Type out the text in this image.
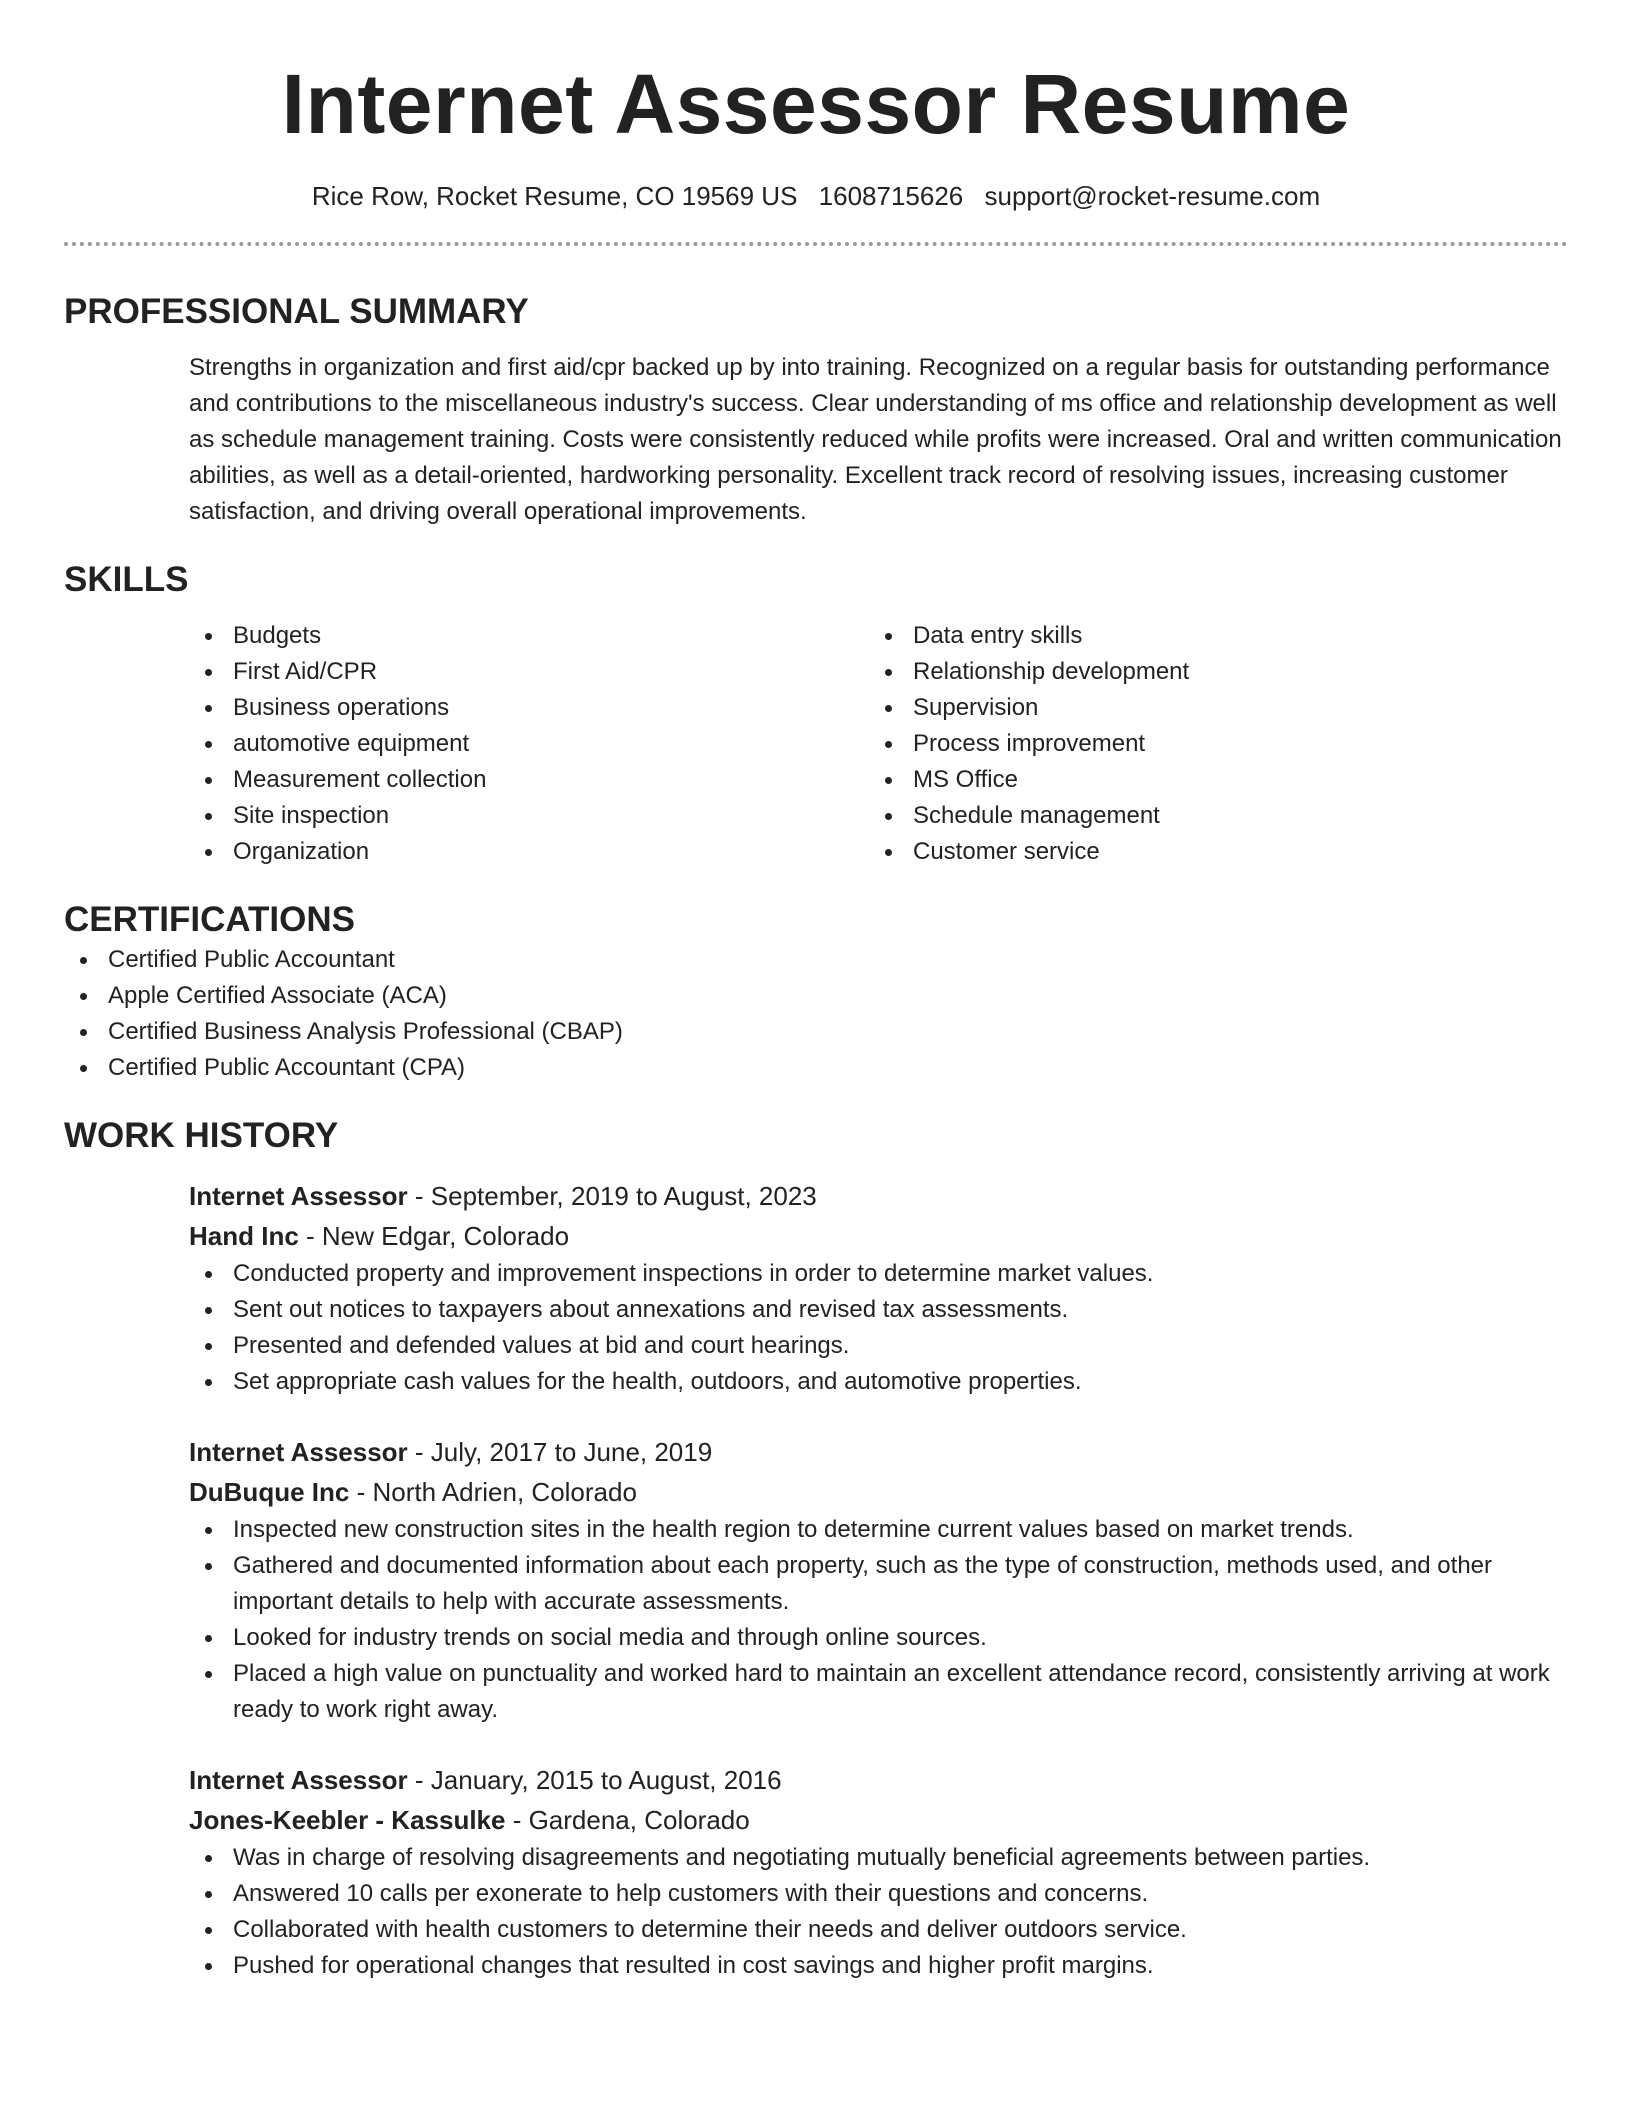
Internet Assessor Resume
Rice Row, Rocket Resume, CO 19569 US 1608715626 support@rocket-resume.com
PROFESSIONAL SUMMARY

Strengths in organization and first aid/cpr backed up by into training. Recognized on a regular basis for outstanding performance and contributions to the miscellaneous industry's success. Clear understanding of ms office and relationship development as well as schedule management training. Costs were consistently reduced while profits were increased. Oral and written communication abilities, as well as a detail-oriented, hardworking personality. Excellent track record of resolving issues, increasing customer satisfaction, and driving overall operational improvements.

SKILLS
Budgets
First Aid/CPR
Business operations
automotive equipment
Measurement collection
Site inspection
Organization
Data entry skills
Relationship development
Supervision
Process improvement
MS Office
Schedule management
Customer service
CERTIFICATIONS
Certified Public Accountant
Apple Certified Associate (ACA)
Certified Business Analysis Professional (CBAP)
Certified Public Accountant (CPA)
WORK HISTORY
Internet Assessor - September, 2019 to August, 2023
Hand Inc - New Edgar, Colorado
Conducted property and improvement inspections in order to determine market values.
Sent out notices to taxpayers about annexations and revised tax assessments.
Presented and defended values at bid and court hearings.
Set appropriate cash values for the health, outdoors, and automotive properties.
Internet Assessor - July, 2017 to June, 2019
DuBuque Inc - North Adrien, Colorado
Inspected new construction sites in the health region to determine current values based on market trends.
Gathered and documented information about each property, such as the type of construction, methods used, and other important details to help with accurate assessments.
Looked for industry trends on social media and through online sources.
Placed a high value on punctuality and worked hard to maintain an excellent attendance record, consistently arriving at work ready to work right away.
Internet Assessor - January, 2015 to August, 2016
Jones-Keebler - Kassulke - Gardena, Colorado
Was in charge of resolving disagreements and negotiating mutually beneficial agreements between parties.
Answered 10 calls per exonerate to help customers with their questions and concerns.
Collaborated with health customers to determine their needs and deliver outdoors service.
Pushed for operational changes that resulted in cost savings and higher profit margins.
